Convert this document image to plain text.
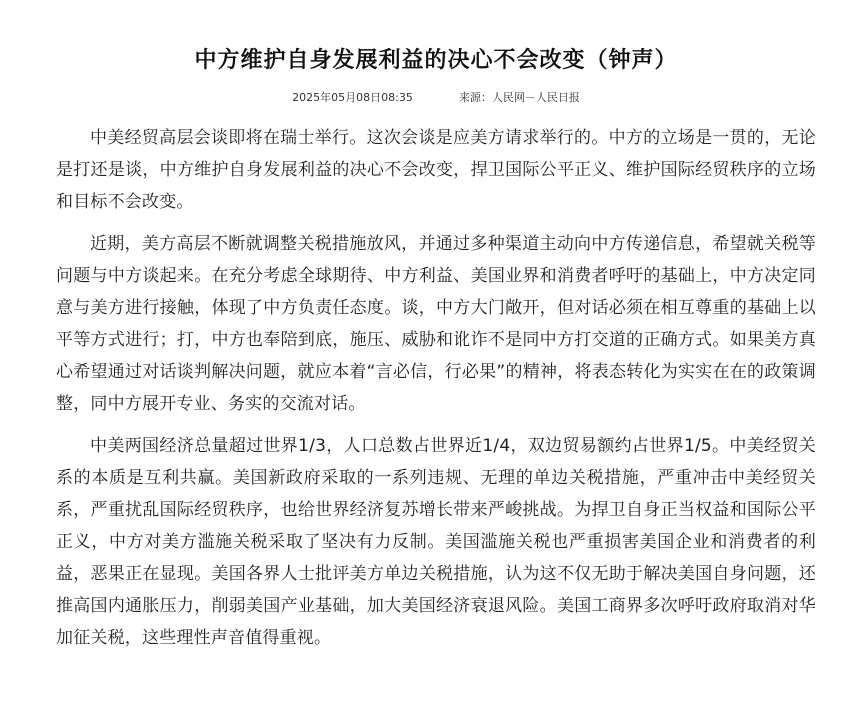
中方维护自身发展利益的决心不会改变（钟声）
2025年05月08日08:35	来源：人民网－人民日报

中美经贸高层会谈即将在瑞士举行。这次会谈是应美方请求举行的。中方的立场是一贯的，无论是打还是谈，中方维护自身发展利益的决心不会改变，捍卫国际公平正义、维护国际经贸秩序的立场和目标不会改变。

近期，美方高层不断就调整关税措施放风，并通过多种渠道主动向中方传递信息，希望就关税等问题与中方谈起来。在充分考虑全球期待、中方利益、美国业界和消费者呼吁的基础上，中方决定同意与美方进行接触，体现了中方负责任态度。谈，中方大门敞开，但对话必须在相互尊重的基础上以平等方式进行；打，中方也奉陪到底，施压、威胁和讹诈不是同中方打交道的正确方式。如果美方真心希望通过对话谈判解决问题，就应本着“言必信，行必果”的精神，将表态转化为实实在在的政策调整，同中方展开专业、务实的交流对话。

中美两国经济总量超过世界1/3，人口总数占世界近1/4，双边贸易额约占世界1/5。中美经贸关系的本质是互利共赢。美国新政府采取的一系列违规、无理的单边关税措施，严重冲击中美经贸关系，严重扰乱国际经贸秩序，也给世界经济复苏增长带来严峻挑战。为捍卫自身正当权益和国际公平正义，中方对美方滥施关税采取了坚决有力反制。美国滥施关税也严重损害美国企业和消费者的利益，恶果正在显现。美国各界人士批评美方单边关税措施，认为这不仅无助于解决美国自身问题，还推高国内通胀压力，削弱美国产业基础，加大美国经济衰退风险。美国工商界多次呼吁政府取消对华加征关税，这些理性声音值得重视。
